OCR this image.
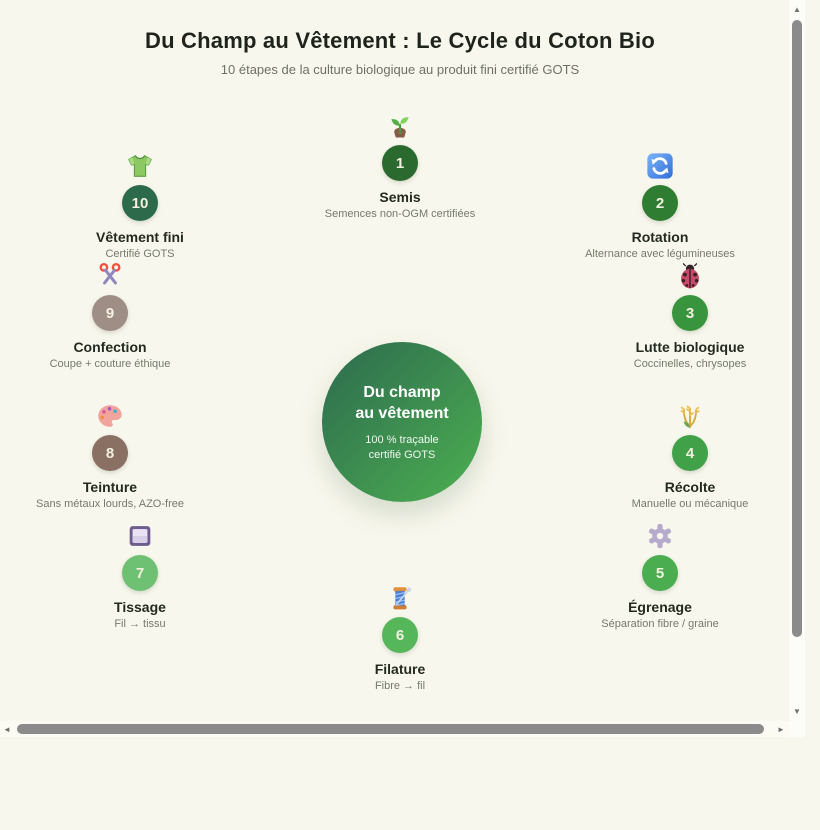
Du Champ au Vêtement : Le Cycle du Coton Bio
10 étapes de la culture biologique au produit fini certifié GOTS
Du champ
au vêtement
100 % traçable
certifié GOTS
1
Semis
Semences non-OGM certifiées
2
Rotation
Alternance avec légumineuses
3
Lutte biologique
Coccinelles, chrysopes
4
Récolte
Manuelle ou mécanique
5
Égrenage
Séparation fibre / graine
6
Filature
Fibre → fil
7
Tissage
Fil → tissu
8
Teinture
Sans métaux lourds, AZO-free
9
Confection
Coupe + couture éthique
10
Vêtement fini
Certifié GOTS
▲
▼
◄	►
